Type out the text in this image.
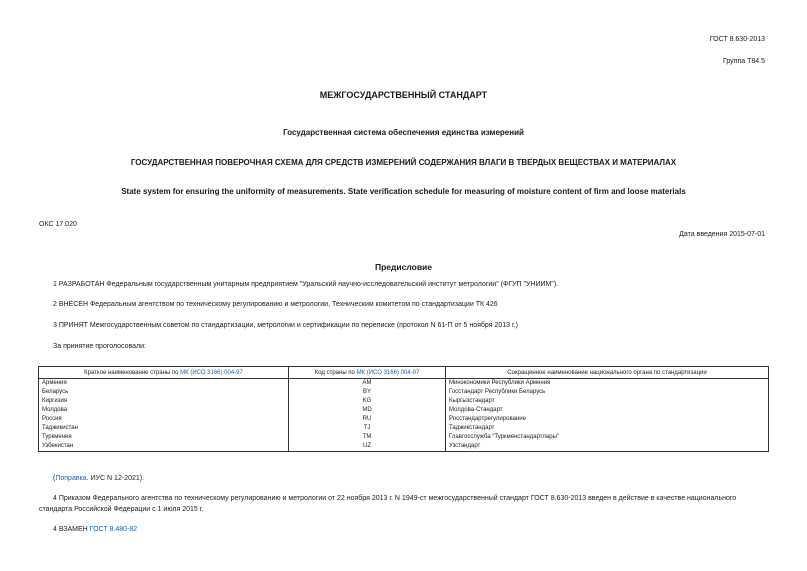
ГОСТ 8.630-2013
Группа Т84.5
МЕЖГОСУДАРСТВЕННЫЙ СТАНДАРТ
Государственная система обеспечения единства измерений
ГОСУДАРСТВЕННАЯ ПОВЕРОЧНАЯ СХЕМА ДЛЯ СРЕДСТВ ИЗМЕРЕНИЙ СОДЕРЖАНИЯ ВЛАГИ В ТВЕРДЫХ ВЕЩЕСТВАХ И МАТЕРИАЛАХ
State system for ensuring the uniformity of measurements. State verification schedule for measuring of moisture content of firm and loose materials
ОКС 17.020
Дата введения 2015-07-01
Предисловие
1 РАЗРАБОТАН Федеральным государственным унитарным предприятием "Уральский научно-исследовательский институт метрологии" (ФГУП "УНИИМ").
2 ВНЕСЕН Федеральным агентством по техническому регулированию и метрологии, Техническим комитетом по стандартизации ТК 426
3 ПРИНЯТ Межгосударственным советом по стандартизации, метрологии и сертификации по переписке (протокол N 61-П от 5 ноября 2013 г.)
За принятие проголосовали:
Краткое наименование страны по МК (ИСО 3166) 004-97	Код страны по МК (ИСО 3166) 004-97	Сокращенное наименование национального органа по стандартизации
Армения	AM	Минэкономики Республики Армения
Беларусь	BY	Госстандарт Республики Беларусь
Киргизия	KG	Кыргызстандарт
Молдова	MD	Молдова-Стандарт
Россия	RU	Росстандартрегулирование
Таджикистан	TJ	Таджикстандарт
Туркмения	TM	Главгосслужба "Туркменстандартлары"
Узбекистан	UZ	Узстандарт
(Поправка. ИУС N 12-2021).
4 Приказом Федерального агентства по техническому регулированию и метрологии от 22 ноября 2013 г. N 1949-ст межгосударственный стандарт ГОСТ 8.630-2013 введен в действие в качестве национального
стандарта Российской Федерации с 1 июля 2015 г.
4 ВЗАМЕН ГОСТ 8.480-82
